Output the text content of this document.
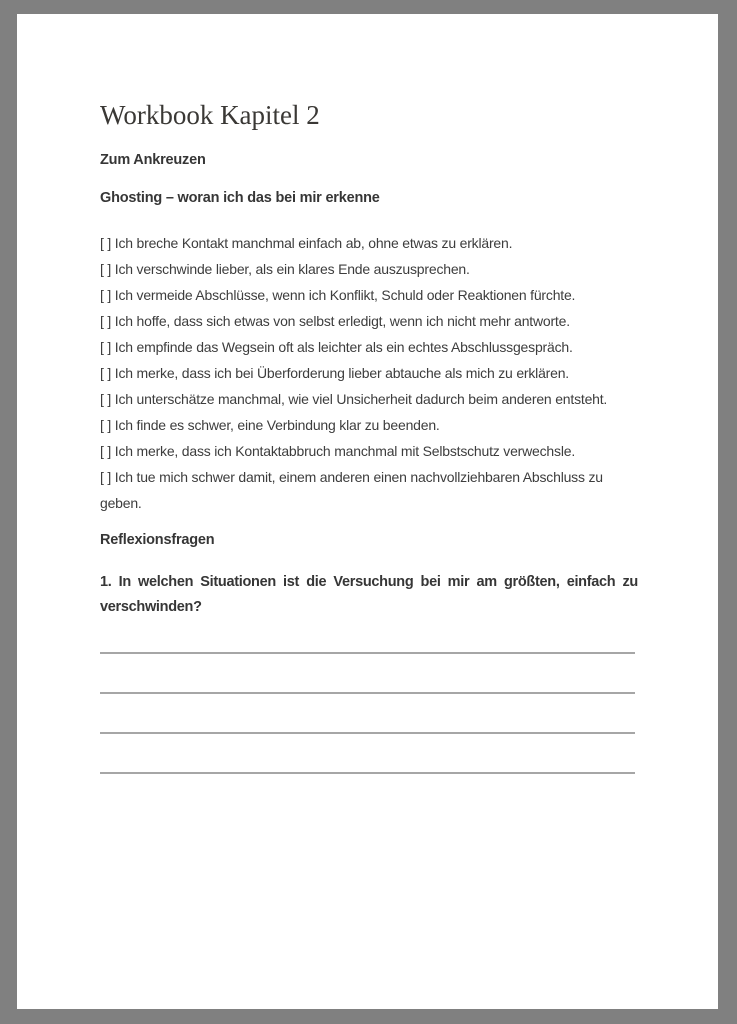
Workbook Kapitel 2
Zum Ankreuzen
Ghosting – woran ich das bei mir erkenne
[ ] Ich breche Kontakt manchmal einfach ab, ohne etwas zu erklären.
[ ] Ich verschwinde lieber, als ein klares Ende auszusprechen.
[ ] Ich vermeide Abschlüsse, wenn ich Konflikt, Schuld oder Reaktionen fürchte.
[ ] Ich hoffe, dass sich etwas von selbst erledigt, wenn ich nicht mehr antworte.
[ ] Ich empfinde das Wegsein oft als leichter als ein echtes Abschlussgespräch.
[ ] Ich merke, dass ich bei Überforderung lieber abtauche als mich zu erklären.
[ ] Ich unterschätze manchmal, wie viel Unsicherheit dadurch beim anderen entsteht.
[ ] Ich finde es schwer, eine Verbindung klar zu beenden.
[ ] Ich merke, dass ich Kontaktabbruch manchmal mit Selbstschutz verwechsle.
[ ] Ich tue mich schwer damit, einem anderen einen nachvollziehbaren Abschluss zu geben.
Reflexionsfragen
1. In welchen Situationen ist die Versuchung bei mir am größten, einfach zu verschwinden?
